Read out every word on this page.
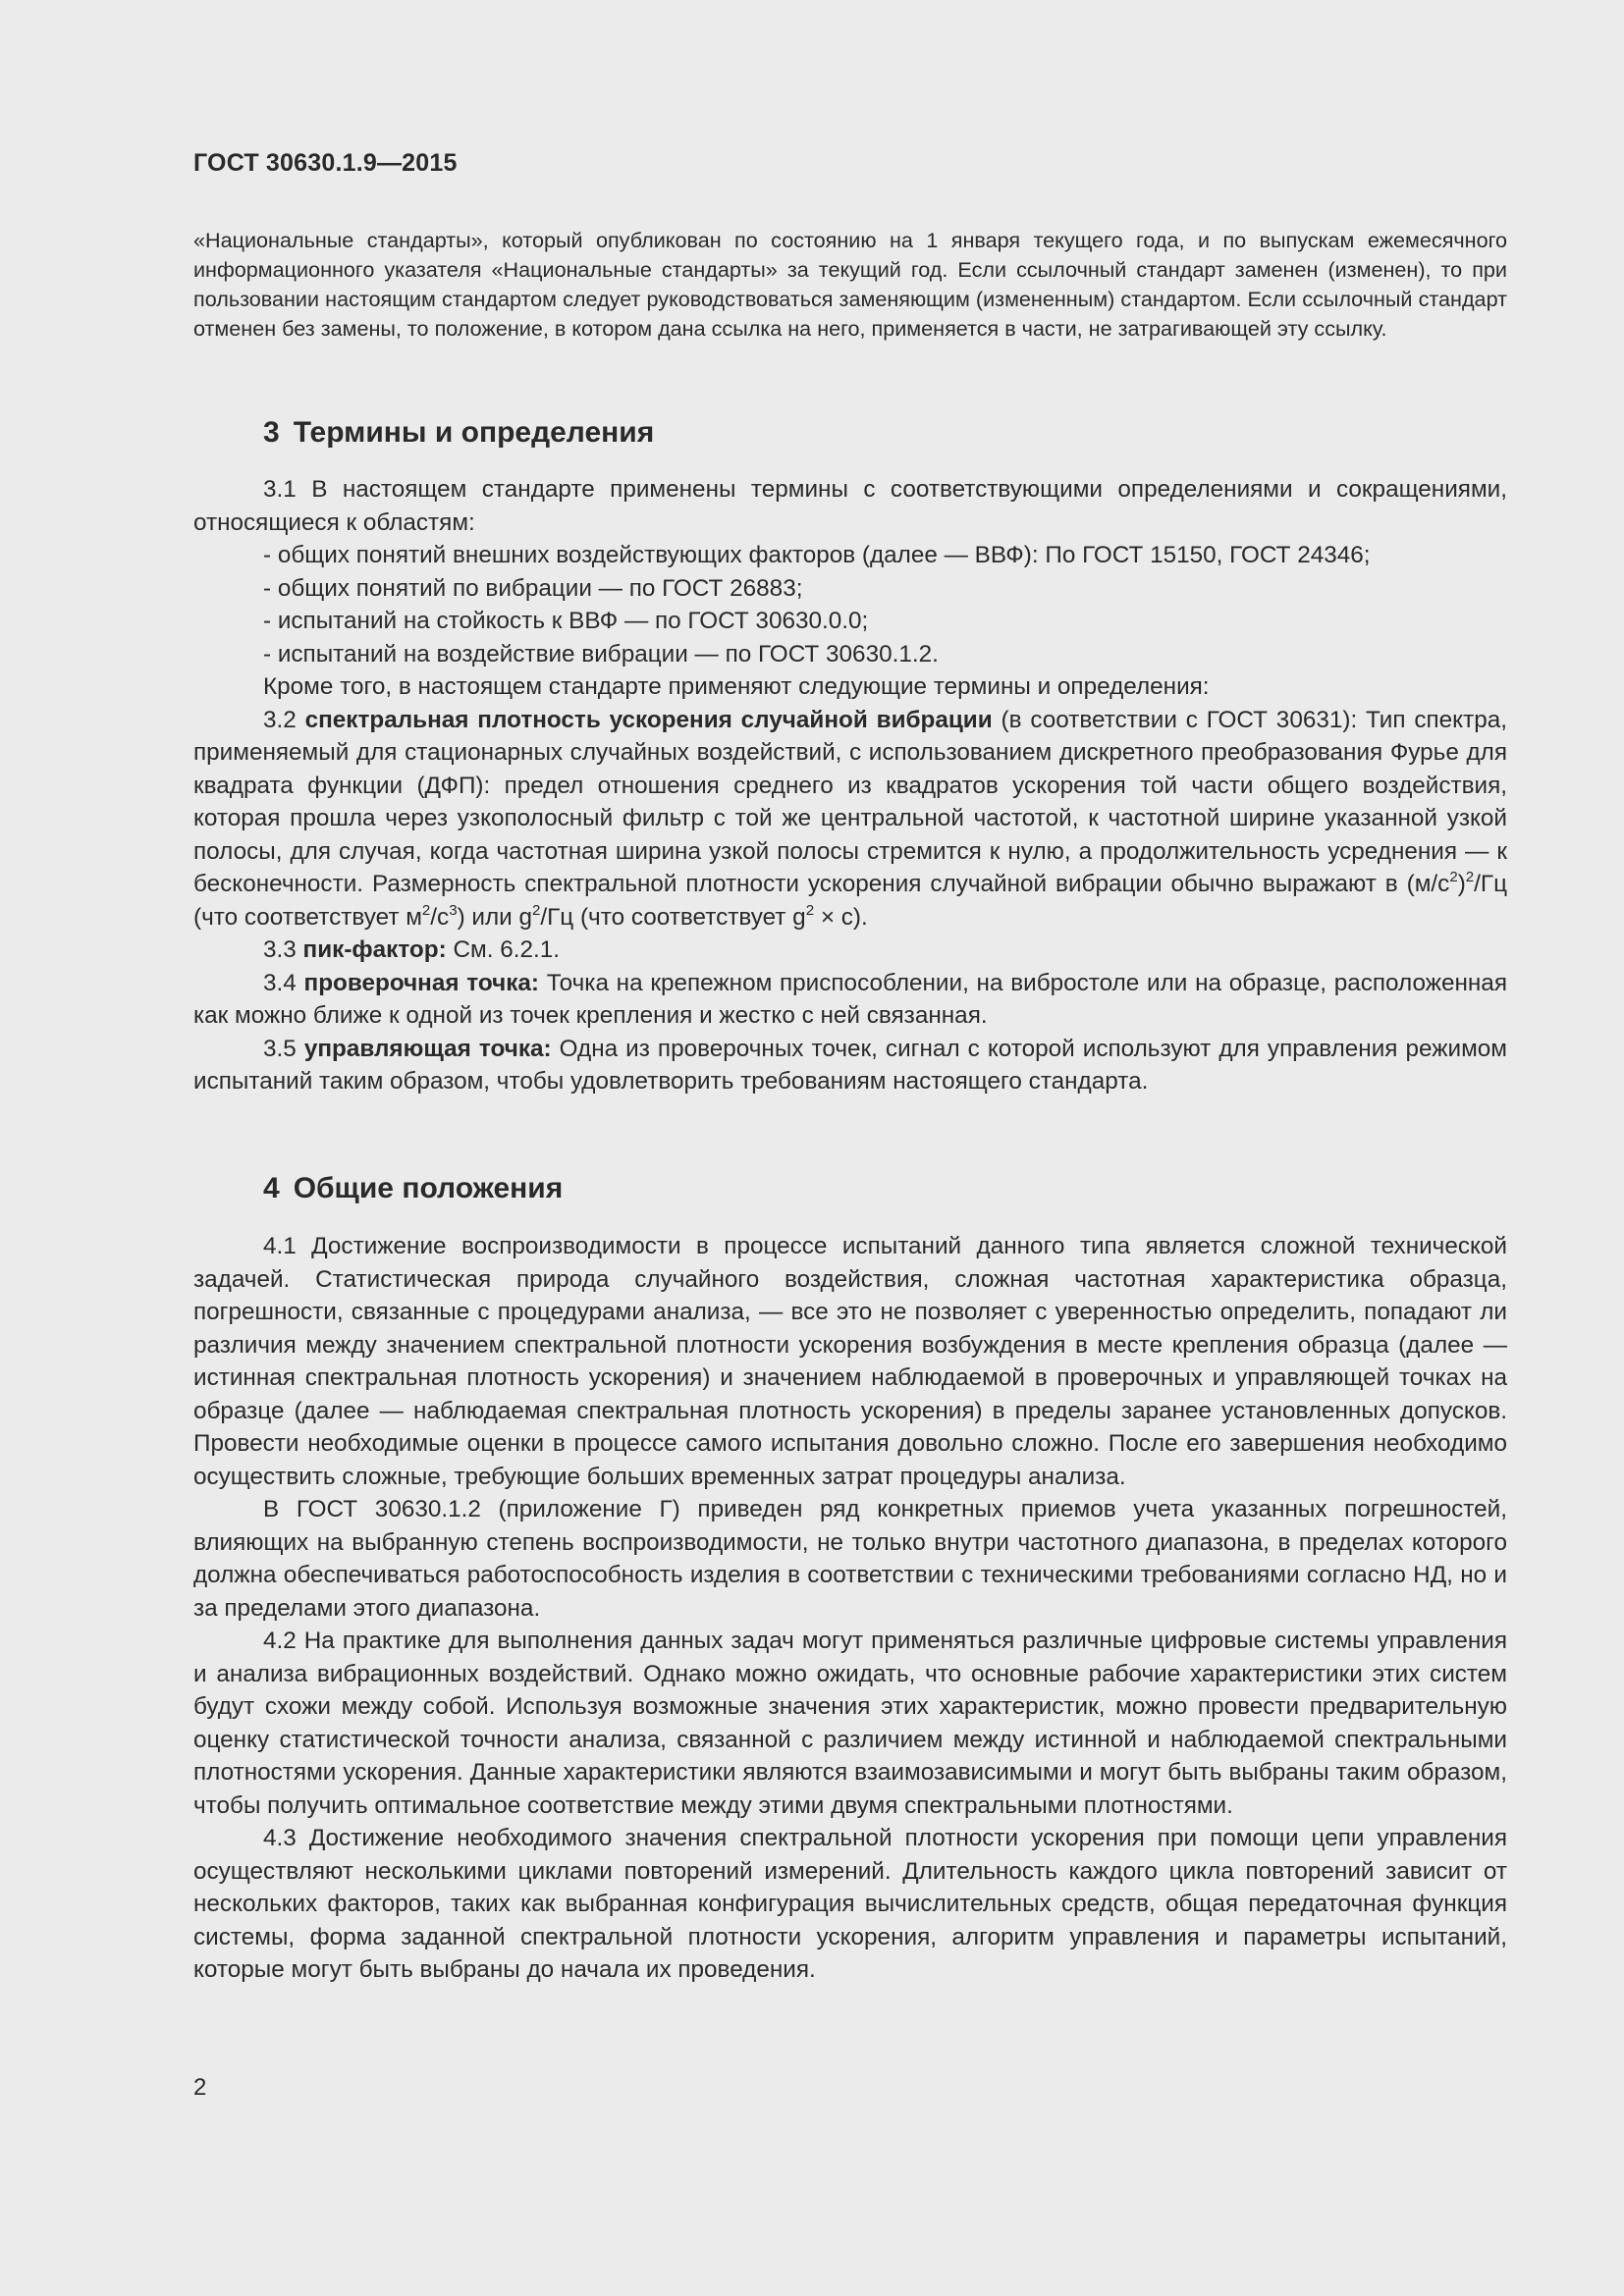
ГОСТ 30630.1.9—2015
«Национальные стандарты», который опубликован по состоянию на 1 января текущего года, и по выпускам ежемесячного информационного указателя «Национальные стандарты» за текущий год. Если ссылочный стандарт заменен (изменен), то при пользовании настоящим стандартом следует руководствоваться заменяющим (измененным) стандартом. Если ссылочный стандарт отменен без замены, то положение, в котором дана ссылка на него, применяется в части, не затрагивающей эту ссылку.
3 Термины и определения

3.1 В настоящем стандарте применены термины с соответствующими определениями и сокращениями, относящиеся к областям:

- общих понятий внешних воздействующих факторов (далее — ВВФ): По ГОСТ 15150, ГОСТ 24346;

- общих понятий по вибрации — по ГОСТ 26883;

- испытаний на стойкость к ВВФ — по ГОСТ 30630.0.0;

- испытаний на воздействие вибрации — по ГОСТ 30630.1.2.

Кроме того, в настоящем стандарте применяют следующие термины и определения:

3.2 спектральная плотность ускорения случайной вибрации (в соответствии с ГОСТ 30631): Тип спектра, применяемый для стационарных случайных воздействий, с использованием дискретного преобразования Фурье для квадрата функции (ДФП): предел отношения среднего из квадратов ускорения той части общего воздействия, которая прошла через узкополосный фильтр с той же центральной частотой, к частотной ширине указанной узкой полосы, для случая, когда частотная ширина узкой полосы стремится к нулю, а продолжительность усреднения — к бесконечности. Размерность спектральной плотности ускорения случайной вибрации обычно выражают в $(м/с^2)^2/Гц$ (что соответствует $м^2/с^3$) или $g^2/Гц$ (что соответствует $g^2 \times с$).

3.3 пик-фактор: См. 6.2.1.

3.4 проверочная точка: Точка на крепежном приспособлении, на вибростоле или на образце, расположенная как можно ближе к одной из точек крепления и жестко с ней связанная.

3.5 управляющая точка: Одна из проверочных точек, сигнал с которой используют для управления режимом испытаний таким образом, чтобы удовлетворить требованиям настоящего стандарта.

4 Общие положения

4.1 Достижение воспроизводимости в процессе испытаний данного типа является сложной технической задачей. Статистическая природа случайного воздействия, сложная частотная характеристика образца, погрешности, связанные с процедурами анализа, — все это не позволяет с уверенностью определить, попадают ли различия между значением спектральной плотности ускорения возбуждения в месте крепления образца (далее — истинная спектральная плотность ускорения) и значением наблюдаемой в проверочных и управляющей точках на образце (далее — наблюдаемая спектральная плотность ускорения) в пределы заранее установленных допусков. Провести необходимые оценки в процессе самого испытания довольно сложно. После его завершения необходимо осуществить сложные, требующие больших временных затрат процедуры анализа.

В ГОСТ 30630.1.2 (приложение Г) приведен ряд конкретных приемов учета указанных погрешностей, влияющих на выбранную степень воспроизводимости, не только внутри частотного диапазона, в пределах которого должна обеспечиваться работоспособность изделия в соответствии с техническими требованиями согласно НД, но и за пределами этого диапазона.

4.2 На практике для выполнения данных задач могут применяться различные цифровые системы управления и анализа вибрационных воздействий. Однако можно ожидать, что основные рабочие характеристики этих систем будут схожи между собой. Используя возможные значения этих характеристик, можно провести предварительную оценку статистической точности анализа, связанной с различием между истинной и наблюдаемой спектральными плотностями ускорения. Данные характеристики являются взаимозависимыми и могут быть выбраны таким образом, чтобы получить оптимальное соответствие между этими двумя спектральными плотностями.

4.3 Достижение необходимого значения спектральной плотности ускорения при помощи цепи управления осуществляют несколькими циклами повторений измерений. Длительность каждого цикла повторений зависит от нескольких факторов, таких как выбранная конфигурация вычислительных средств, общая передаточная функция системы, форма заданной спектральной плотности ускорения, алгоритм управления и параметры испытаний, которые могут быть выбраны до начала их проведения.

2
